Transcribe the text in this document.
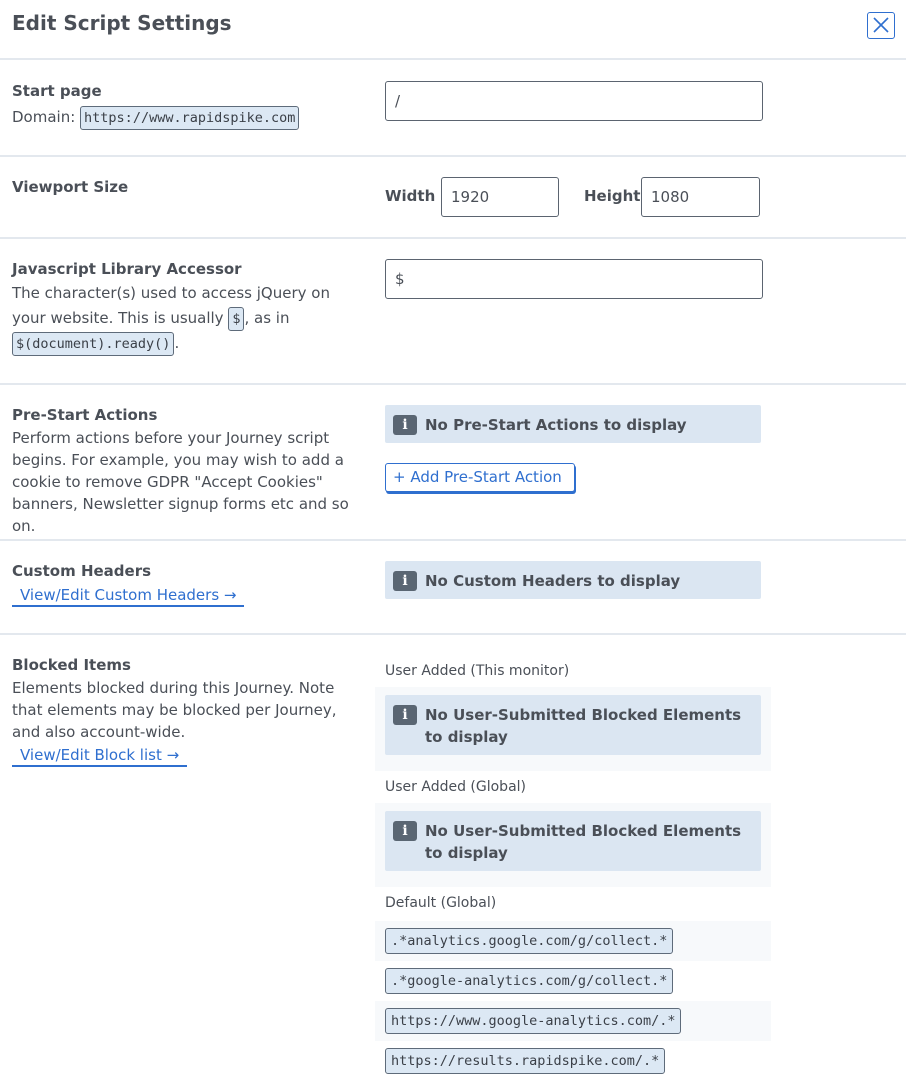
Edit Script Settings
Start page
Domain: https://www.rapidspike.com
/
Viewport Size	Width	1920	Height 1080
Javascript Library Accessor
The character(s) used to access jQuery on your website. This is usually $ , as in
$(document).ready() .
$
Pre-Start Actions
Perform actions before your Journey script begins. For example, you may wish to add a cookie to remove GDPR "Accept Cookies" banners, Newsletter signup forms etc and so on.
i	No Pre-Start Actions to display
+ Add Pre-Start Action
Custom Headers
View/Edit Custom Headers →
i	No Custom Headers to display
Blocked Items
Elements blocked during this Journey. Note that elements may be blocked per Journey, and also account-wide.
View/Edit Block list →
User Added (This monitor)
i	No User-Submitted Blocked Elements to display
User Added (Global)
i	No User-Submitted Blocked Elements to display
Default (Global)
.*analytics.google.com/g/collect.*
.*google-analytics.com/g/collect.*
https://www.google-analytics.com/.*
https://results.rapidspike.com/.*
